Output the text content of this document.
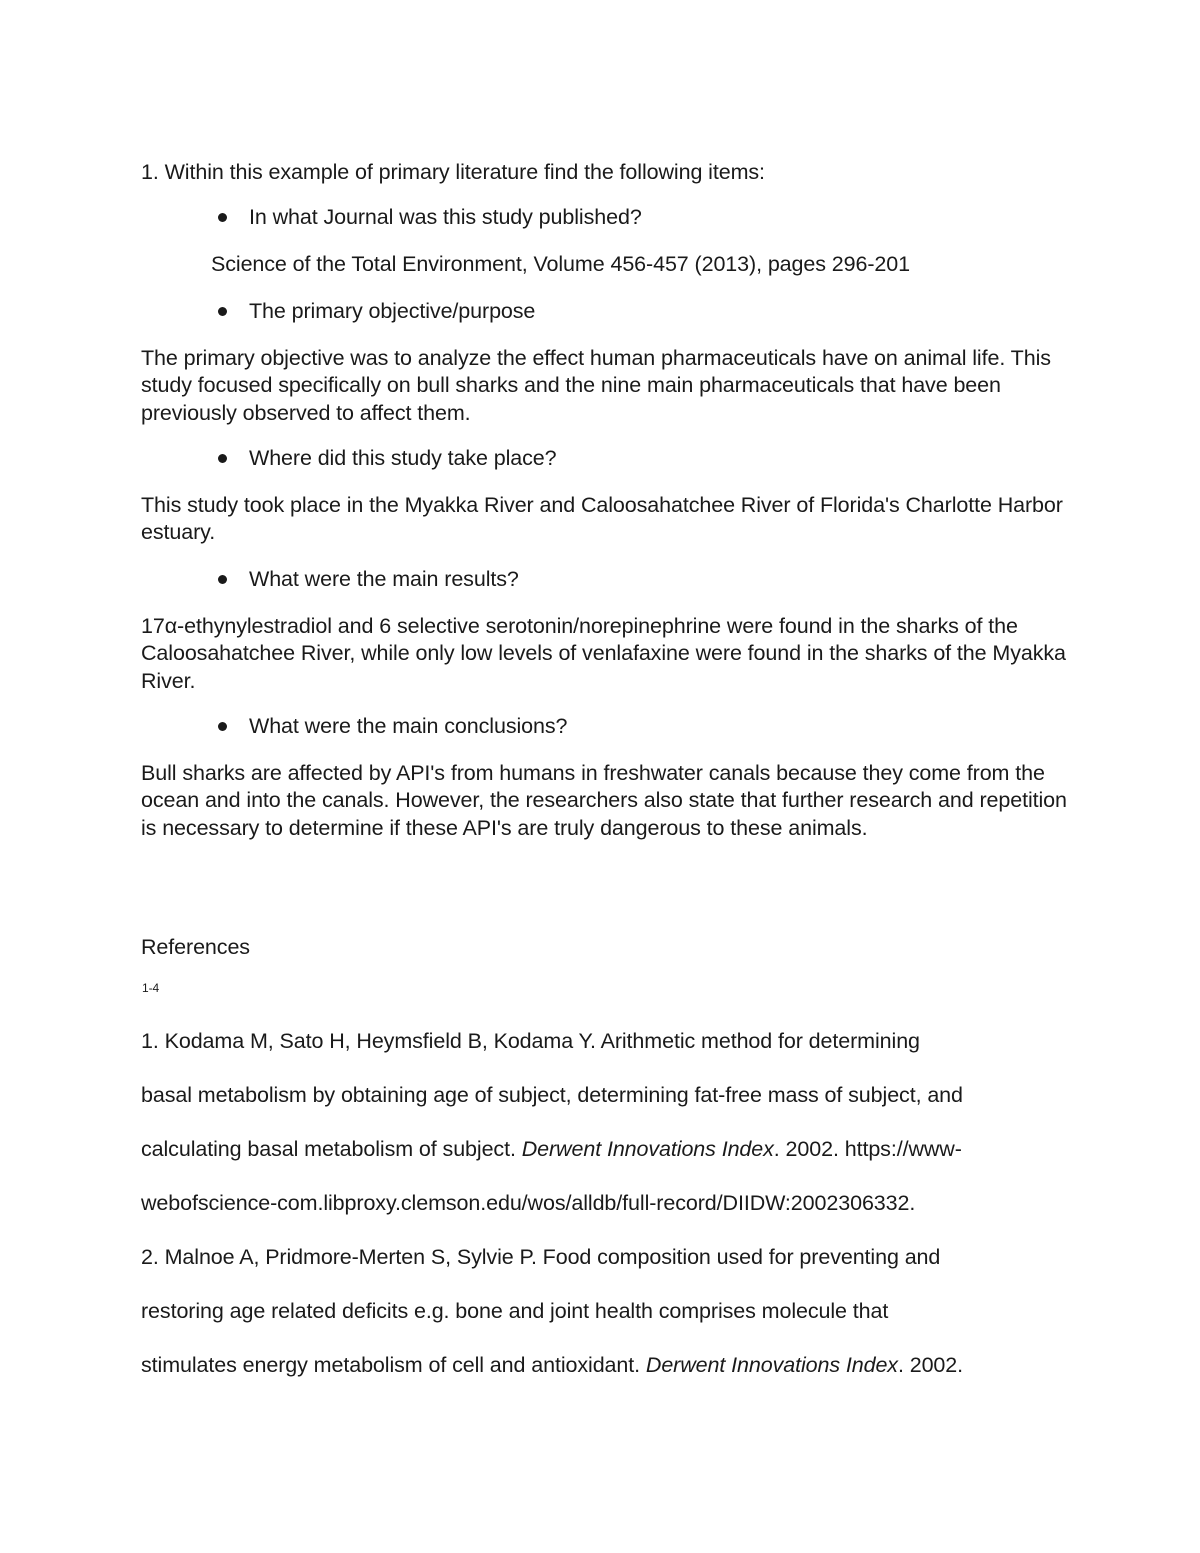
1. Within this example of primary literature find the following items:

In what Journal was this study published?

Science of the Total Environment, Volume 456-457 (2013), pages 296-201

The primary objective/purpose

The primary objective was to analyze the effect human pharmaceuticals have on animal life. This study focused specifically on bull sharks and the nine main pharmaceuticals that have been previously observed to affect them.

Where did this study take place?

This study took place in the Myakka River and Caloosahatchee River of Florida's Charlotte Harbor estuary.

What were the main results?

17α-ethynylestradiol and 6 selective serotonin/norepinephrine were found in the sharks of the Caloosahatchee River, while only low levels of venlafaxine were found in the sharks of the Myakka River.

What were the main conclusions?

Bull sharks are affected by API's from humans in freshwater canals because they come from the ocean and into the canals. However, the researchers also state that further research and repetition is necessary to determine if these API's are truly dangerous to these animals.

References

1-4

1. Kodama M, Sato H, Heymsfield B, Kodama Y. Arithmetic method for determining

basal metabolism by obtaining age of subject, determining fat-free mass of subject, and

calculating basal metabolism of subject. Derwent Innovations Index. 2002. https://www-

webofscience-com.libproxy.clemson.edu/wos/alldb/full-record/DIIDW:2002306332.

2. Malnoe A, Pridmore-Merten S, Sylvie P. Food composition used for preventing and

restoring age related deficits e.g. bone and joint health comprises molecule that

stimulates energy metabolism of cell and antioxidant. Derwent Innovations Index. 2002.
